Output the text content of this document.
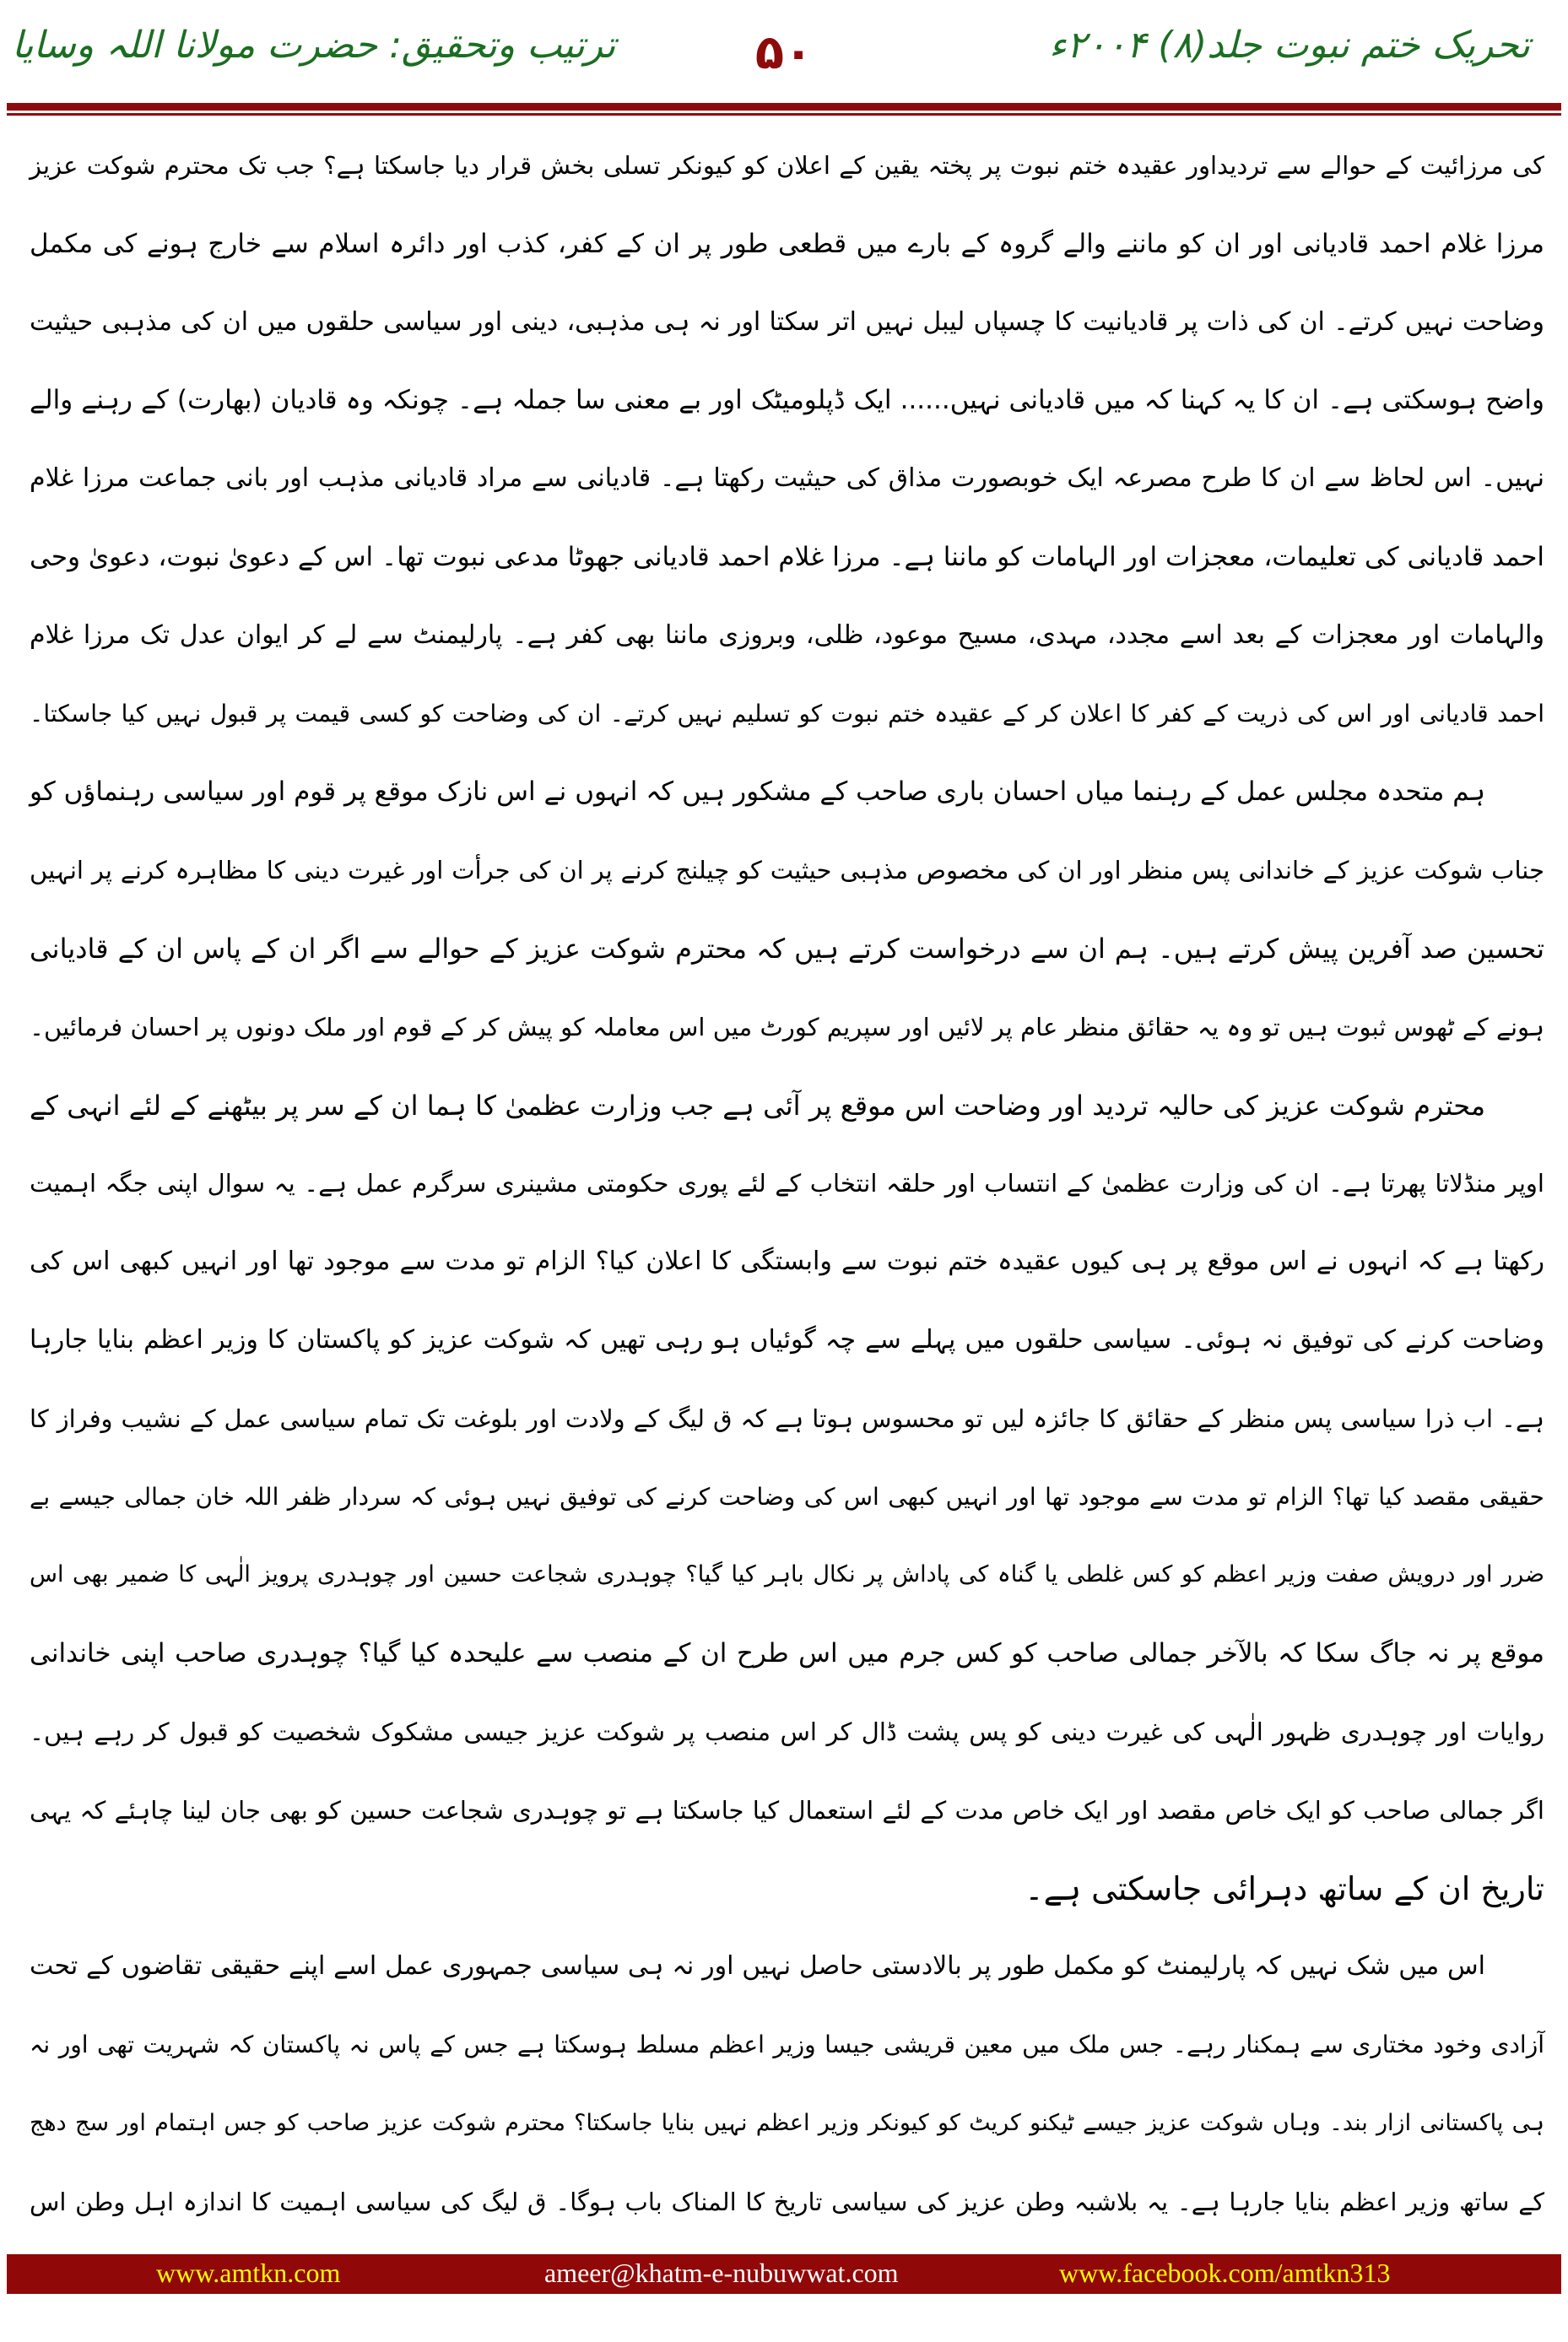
تحریک ختم نبوت جلد(۸) ۲۰۰۴ء
۵۰
ترتیب وتحقیق: حضرت مولانا اللہ وسایا
کی مرزائیت کے حوالے سے تردیداور عقیدہ ختم نبوت پر پختہ یقین کے اعلان کو کیونکر تسلی بخش قرار دیا جاسکتا ہے؟ جب تک محترم شوکت عزیز
مرزا غلام احمد قادیانی اور ان کو ماننے والے گروہ کے بارے میں قطعی طور پر ان کے کفر، کذب اور دائرہ اسلام سے خارج ہونے کی مکمل
وضاحت نہیں کرتے۔ ان کی ذات پر قادیانیت کا چسپاں لیبل نہیں اتر سکتا اور نہ ہی مذہبی، دینی اور سیاسی حلقوں میں ان کی مذہبی حیثیت
واضح ہوسکتی ہے۔ ان کا یہ کہنا کہ میں قادیانی نہیں...... ایک ڈپلومیٹک اور بے معنی سا جملہ ہے۔ چونکہ وہ قادیان (بھارت) کے رہنے والے
نہیں۔ اس لحاظ سے ان کا طرح مصرعہ ایک خوبصورت مذاق کی حیثیت رکھتا ہے۔ قادیانی سے مراد قادیانی مذہب اور بانی جماعت مرزا غلام
احمد قادیانی کی تعلیمات، معجزات اور الہامات کو ماننا ہے۔ مرزا غلام احمد قادیانی جھوٹا مدعی نبوت تھا۔ اس کے دعویٰ نبوت، دعویٰ وحی
والہامات اور معجزات کے بعد اسے مجدد، مہدی، مسیح موعود، ظلی، وبروزی ماننا بھی کفر ہے۔ پارلیمنٹ سے لے کر ایوان عدل تک مرزا غلام
احمد قادیانی اور اس کی ذریت کے کفر کا اعلان کر کے عقیدہ ختم نبوت کو تسلیم نہیں کرتے۔ ان کی وضاحت کو کسی قیمت پر قبول نہیں کیا جاسکتا۔
ہم متحدہ مجلس عمل کے رہنما میاں احسان باری صاحب کے مشکور ہیں کہ انہوں نے اس نازک موقع پر قوم اور سیاسی رہنماؤں کو
جناب شوکت عزیز کے خاندانی پس منظر اور ان کی مخصوص مذہبی حیثیت کو چیلنج کرنے پر ان کی جرأت اور غیرت دینی کا مظاہرہ کرنے پر انہیں
تحسین صد آفرین پیش کرتے ہیں۔ ہم ان سے درخواست کرتے ہیں کہ محترم شوکت عزیز کے حوالے سے اگر ان کے پاس ان کے قادیانی
ہونے کے ٹھوس ثبوت ہیں تو وہ یہ حقائق منظر عام پر لائیں اور سپریم کورٹ میں اس معاملہ کو پیش کر کے قوم اور ملک دونوں پر احسان فرمائیں۔
محترم شوکت عزیز کی حالیہ تردید اور وضاحت اس موقع پر آئی ہے جب وزارت عظمیٰ کا ہما ان کے سر پر بیٹھنے کے لئے انہی کے
اوپر منڈلاتا پھرتا ہے۔ ان کی وزارت عظمیٰ کے انتساب اور حلقہ انتخاب کے لئے پوری حکومتی مشینری سرگرم عمل ہے۔ یہ سوال اپنی جگہ اہمیت
رکھتا ہے کہ انہوں نے اس موقع پر ہی کیوں عقیدہ ختم نبوت سے وابستگی کا اعلان کیا؟ الزام تو مدت سے موجود تھا اور انہیں کبھی اس کی
وضاحت کرنے کی توفیق نہ ہوئی۔ سیاسی حلقوں میں پہلے سے چہ گوئیاں ہو رہی تھیں کہ شوکت عزیز کو پاکستان کا وزیر اعظم بنایا جارہا
ہے۔ اب ذرا سیاسی پس منظر کے حقائق کا جائزہ لیں تو محسوس ہوتا ہے کہ ق لیگ کے ولادت اور بلوغت تک تمام سیاسی عمل کے نشیب وفراز کا
حقیقی مقصد کیا تھا؟ الزام تو مدت سے موجود تھا اور انہیں کبھی اس کی وضاحت کرنے کی توفیق نہیں ہوئی کہ سردار ظفر اللہ خان جمالی جیسے بے
ضرر اور درویش صفت وزیر اعظم کو کس غلطی یا گناہ کی پاداش پر نکال باہر کیا گیا؟ چوہدری شجاعت حسین اور چوہدری پرویز الٰہی کا ضمیر بھی اس
موقع پر نہ جاگ سکا کہ بالآخر جمالی صاحب کو کس جرم میں اس طرح ان کے منصب سے علیحدہ کیا گیا؟ چوہدری صاحب اپنی خاندانی
روایات اور چوہدری ظہور الٰہی کی غیرت دینی کو پس پشت ڈال کر اس منصب پر شوکت عزیز جیسی مشکوک شخصیت کو قبول کر رہے ہیں۔
اگر جمالی صاحب کو ایک خاص مقصد اور ایک خاص مدت کے لئے استعمال کیا جاسکتا ہے تو چوہدری شجاعت حسین کو بھی جان لینا چاہئے کہ یہی
تاریخ ان کے ساتھ دہرائی جاسکتی ہے۔
اس میں شک نہیں کہ پارلیمنٹ کو مکمل طور پر بالادستی حاصل نہیں اور نہ ہی سیاسی جمہوری عمل اسے اپنے حقیقی تقاضوں کے تحت
آزادی وخود مختاری سے ہمکنار رہے۔ جس ملک میں معین قریشی جیسا وزیر اعظم مسلط ہوسکتا ہے جس کے پاس نہ پاکستان کہ شہریت تھی اور نہ
ہی پاکستانی ازار بند۔ وہاں شوکت عزیز جیسے ٹیکنو کریٹ کو کیونکر وزیر اعظم نہیں بنایا جاسکتا؟ محترم شوکت عزیز صاحب کو جس اہتمام اور سج دھج
کے ساتھ وزیر اعظم بنایا جارہا ہے۔ یہ بلاشبہ وطن عزیز کی سیاسی تاریخ کا المناک باب ہوگا۔ ق لیگ کی سیاسی اہمیت کا اندازہ اہل وطن اس
www.amtkn.com	ameer@khatm-e-nubuwwat.com	www.facebook.com/amtkn313
